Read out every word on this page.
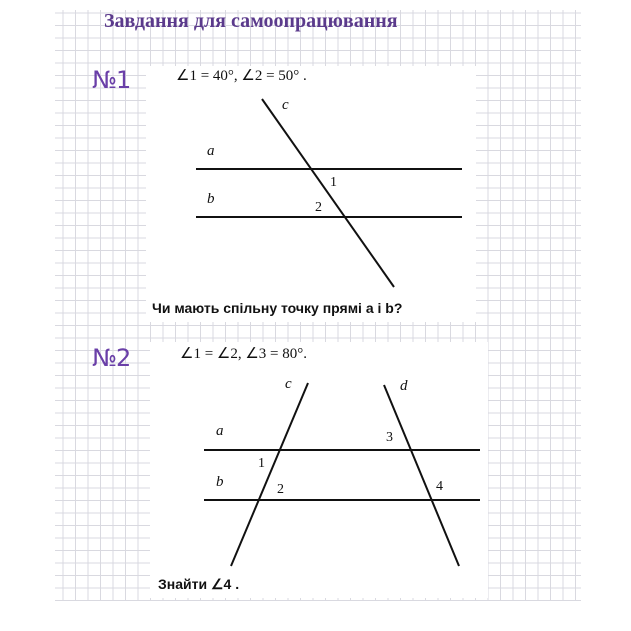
Завдання для самоопрацювання
№1	∠1 = 40°, ∠2 = 50° .
c
a
b
1
2
Чи мають спільну точку прямі a і b?
№2	∠1 = ∠2, ∠3 = 80°.
c	d
a
b
1
2
3
4
Знайти ∠4 .
